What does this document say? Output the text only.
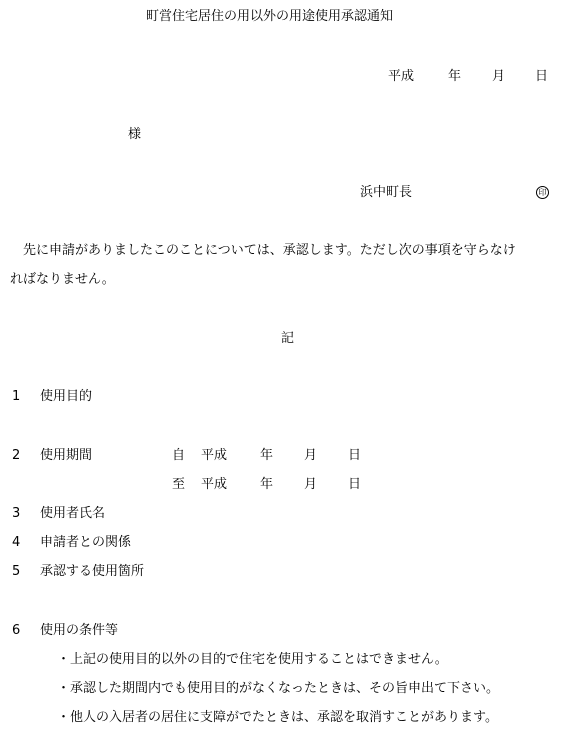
町営住宅居住の用以外の用途使用承認通知
平成	年 月 日
様
浜中町長	印
先に申請がありましたこのことについては、承認します。ただし次の事項を守らなけ
ればなりません。
記
1 使用目的
2 使用期間	自 平成	年 月 日
至 平成	年 月 日
3 使用者氏名
4 申請者との関係
5 承認する使用箇所
6 使用の条件等
・上記の使用目的以外の目的で住宅を使用することはできません。
・承認した期間内でも使用目的がなくなったときは、その旨申出て下さい。
・他人の入居者の居住に支障がでたときは、承認を取消すことがあります。
